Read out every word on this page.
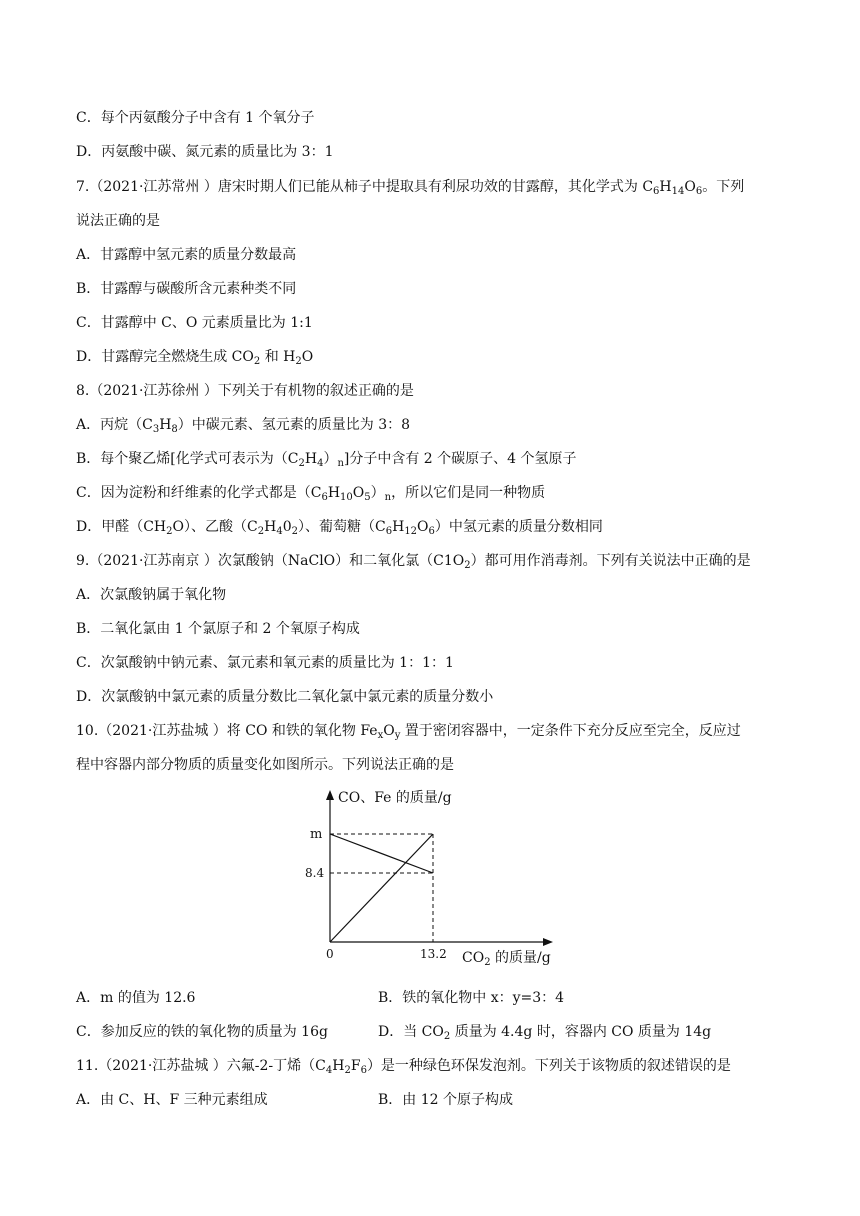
C．每个丙氨酸分子中含有 1 个氧分子
D．丙氨酸中碳、氮元素的质量比为 3：1
7.（2021·江苏常州 ）唐宋时期人们已能从柿子中提取具有利尿功效的甘露醇，其化学式为 $C_6H_{14}O_6$。下列
说法正确的是
A．甘露醇中氢元素的质量分数最高
B．甘露醇与碳酸所含元素种类不同
C．甘露醇中 C、O 元素质量比为 1:1
D．甘露醇完全燃烧生成 $CO_2$ 和 $H_2O$
8.（2021·江苏徐州 ）下列关于有机物的叙述正确的是
A．丙烷$(C_3H_8)$中碳元素、氢元素的质量比为 3：8
B．每个聚乙烯[化学式可表示为$(C_2H_4)_n$]分子中含有 2 个碳原子、4 个氢原子
C．因为淀粉和纤维素的化学式都是$(C_6H_{10}O_5)_n$，所以它们是同一种物质
D．甲醛$(CH_2O)$、乙酸$(C_2H_40_2)$、葡萄糖$(C_6H_{12}O_6)$中氢元素的质量分数相同
9.（2021·江苏南京 ）次氯酸钠（NaClO）和二氧化氯$(C1O_2)$都可用作消毒剂。下列有关说法中正确的是
A．次氯酸钠属于氧化物
B．二氧化氯由 1 个氯原子和 2 个氧原子构成
C．次氯酸钠中钠元素、氯元素和氧元素的质量比为 1：1：1
D．次氯酸钠中氯元素的质量分数比二氧化氯中氯元素的质量分数小
10.（2021·江苏盐城 ）将 CO 和铁的氧化物 $Fe_xO_y$ 置于密闭容器中，一定条件下充分反应至完全，反应过
程中容器内部分物质的质量变化如图所示。下列说法正确的是
CO、Fe 的质量/g
m
8.4
0	13.2 $CO_2$ 的质量/g
A．m 的值为 12.6	B．铁的氧化物中 x：y=3：4
C．参加反应的铁的氧化物的质量为 16g	D．当 $CO_2$ 质量为 4.4g 时，容器内 CO 质量为 14g
11.（2021·江苏盐城 ）六氟-2-丁烯$(C_4H_2F_6)$是一种绿色环保发泡剂。下列关于该物质的叙述错误的是
A．由 C、H、F 三种元素组成	B．由 12 个原子构成
